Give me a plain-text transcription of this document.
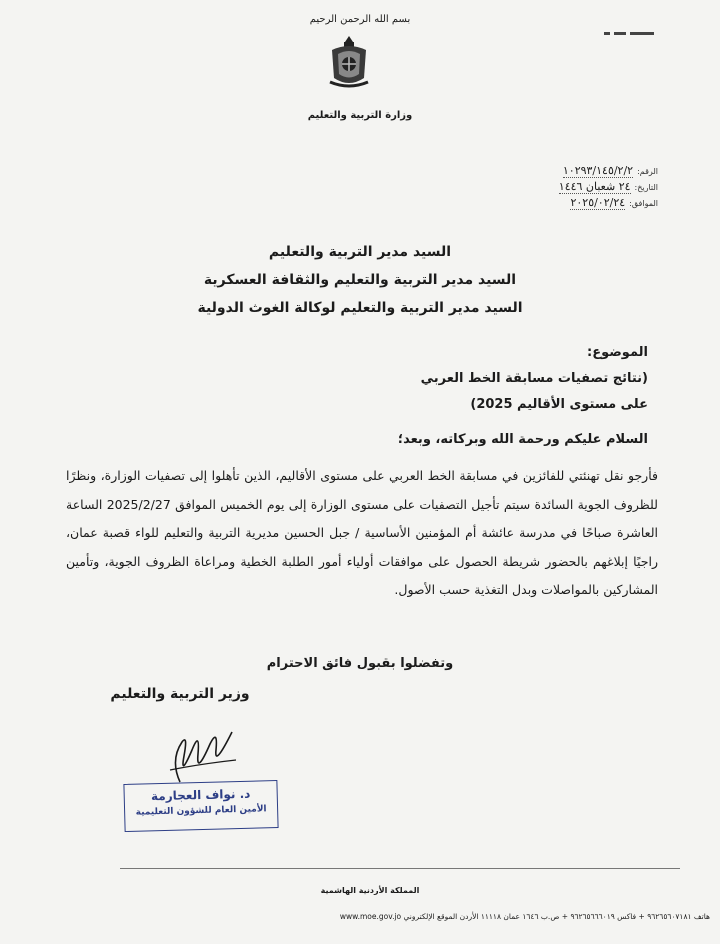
بسم الله الرحمن الرحيم
وزارة التربية والتعليم
الرقم:
١٠٢٩٣/١٤٥/٢/٢
التاريخ:
٢٤ شعبان ١٤٤٦
الموافق:
٢٠٢٥/٠٢/٢٤
السيد مدير التربية والتعليم
السيد مدير التربية والتعليم والثقافة العسكرية
السيد مدير التربية والتعليم لوكالة الغوث الدولية
الموضوع:
(نتائج تصفيات مسابقة الخط العربي
على مستوى الأقاليم 2025)
السلام عليكم ورحمة الله وبركاته، وبعد؛
فأرجو نقل تهنئتي للفائزين في مسابقة الخط العربي على مستوى الأقاليم، الذين تأهلوا إلى تصفيات الوزارة، ونظرًا للظروف الجوية السائدة سيتم تأجيل التصفيات على مستوى الوزارة إلى يوم الخميس الموافق 2025/2/27 الساعة العاشرة صباحًا في مدرسة عائشة أم المؤمنين الأساسية / جبل الحسين مديرية التربية والتعليم للواء قصبة عمان، راجيًا إبلاغهم بالحضور شريطة الحصول على موافقات أولياء أمور الطلبة الخطية ومراعاة الظروف الجوية، وتأمين المشاركين بالمواصلات وبدل التغذية حسب الأصول.
وتفضلوا بقبول فائق الاحترام
وزير التربية والتعليم
د. نواف العجارمة
الأمين العام للشؤون التعليمية
المملكة الأردنية الهاشمية
هاتف ٩٦٢٦٥٦٠٧١٨١ + فاكس ٩٦٢٦٥٦٦٦٠١٩ + ص.ب ١٦٤٦ عمان ١١١١٨ الأردن الموقع الإلكتروني www.moe.gov.jo
